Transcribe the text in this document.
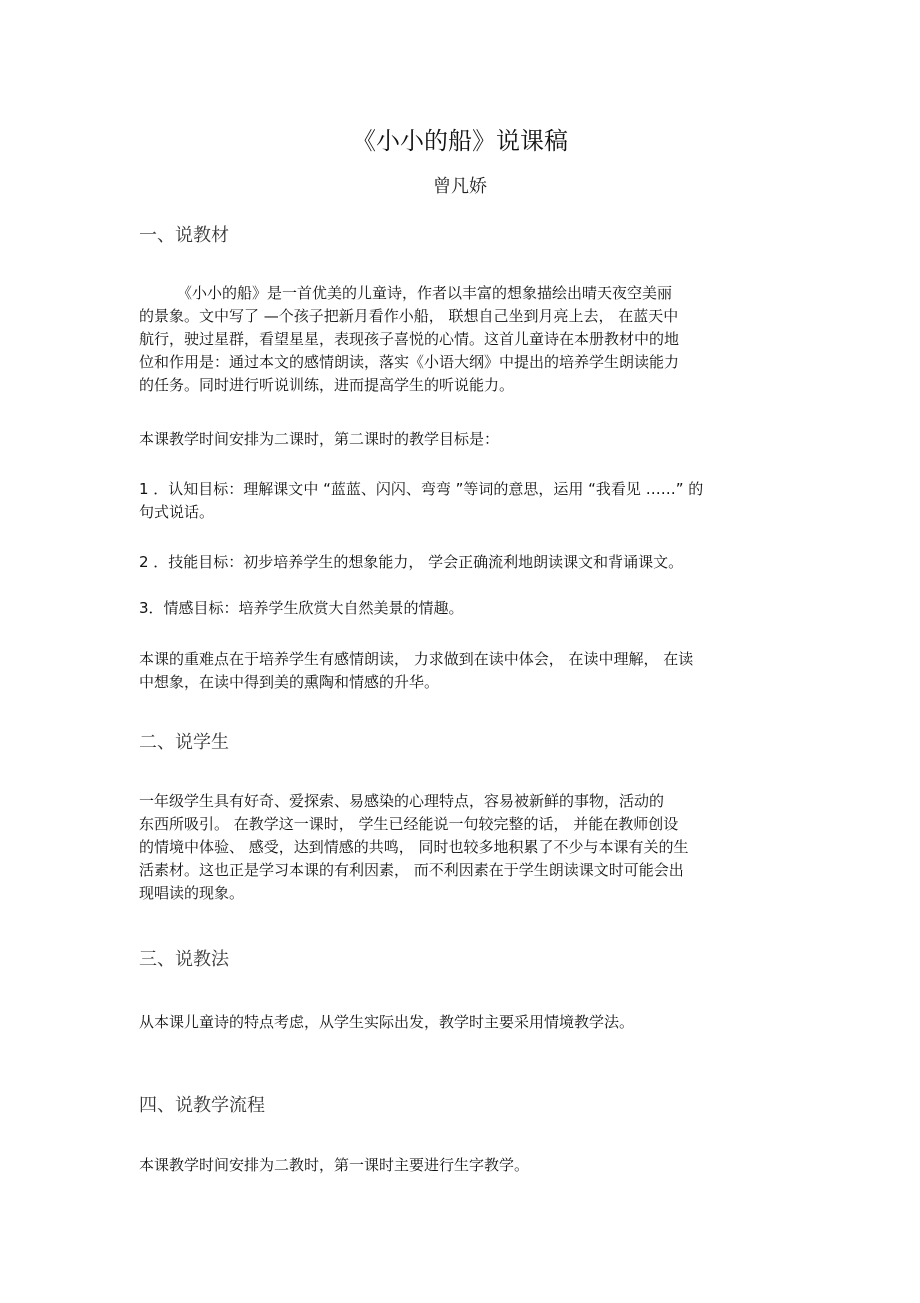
《小小的船》说课稿
曾凡娇
一、说教材
《小小的船》是一首优美的儿童诗，作者以丰富的想象描绘出晴天夜空美丽
的景象。文中写了 —个孩子把新月看作小船， 联想自己坐到月亮上去， 在蓝天中
航行，驶过星群，看望星星，表现孩子喜悦的心情。这首儿童诗在本册教材中的地
位和作用是：通过本文的感情朗读，落实《小语大纲》中提出的培养学生朗读能力
的任务。同时进行听说训练，进而提高学生的听说能力。
本课教学时间安排为二课时，第二课时的教学目标是：
1 ．认知目标：理解课文中 “蓝蓝、闪闪、弯弯 ”等词的意思，运用 “我看见 ……” 的
句式说话。
2 ．技能目标：初步培养学生的想象能力， 学会正确流利地朗读课文和背诵课文。
3．情感目标：培养学生欣赏大自然美景的情趣。
本课的重难点在于培养学生有感情朗读， 力求做到在读中体会， 在读中理解， 在读
中想象，在读中得到美的熏陶和情感的升华。
二、说学生
一年级学生具有好奇、爱探索、易感染的心理特点，容易被新鲜的事物，活动的
东西所吸引。 在教学这一课时， 学生已经能说一句较完整的话， 并能在教师创设
的情境中体验、 感受，达到情感的共鸣， 同时也较多地积累了不少与本课有关的生
活素材。这也正是学习本课的有利因素， 而不利因素在于学生朗读课文时可能会出
现唱读的现象。
三、说教法
从本课儿童诗的特点考虑，从学生实际出发，教学时主要采用情境教学法。
四、说教学流程
本课教学时间安排为二教时，第一课时主要进行生字教学。
